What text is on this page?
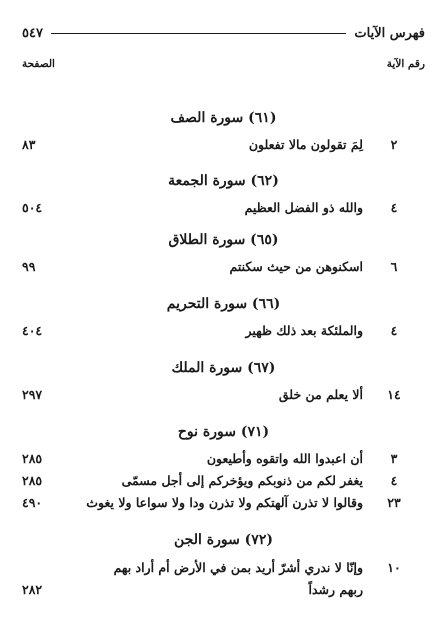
فهرس الآيات
٥٤٧
رقم الآية
الصفحة
(٦١) سورة الصف
٢
لِمَ تقولون مالا تفعلون
٨٣
(٦٢) سورة الجمعة
٤
والله ذو الفضل العظيم
٥٠٤
(٦٥) سورة الطلاق
٦
اسكنوهن من حيث سكنتم
٩٩
(٦٦) سورة التحريم
٤
والملئكة بعد ذلك ظهير
٤٠٤
(٦٧) سورة الملك
١٤
ألا يعلم من خلق
٢٩٧
(٧١) سورة نوح
٣
أن اعبدوا الله واتقوه وأطيعون
٢٨٥
٤
يغفر لكم من ذنوبكم ويؤخركم إلى أجل مسمّى
٢٨٥
٢٣
وقالوا لا تذرن آلهتكم ولا تذرن ودا ولا سواعا ولا يغوث
٤٩٠
(٧٢) سورة الجن
١٠
وإنّا لا ندري أشرّ أريد بمن في الأرض أم أراد بهم
ربهم رشداً
٢٨٢
